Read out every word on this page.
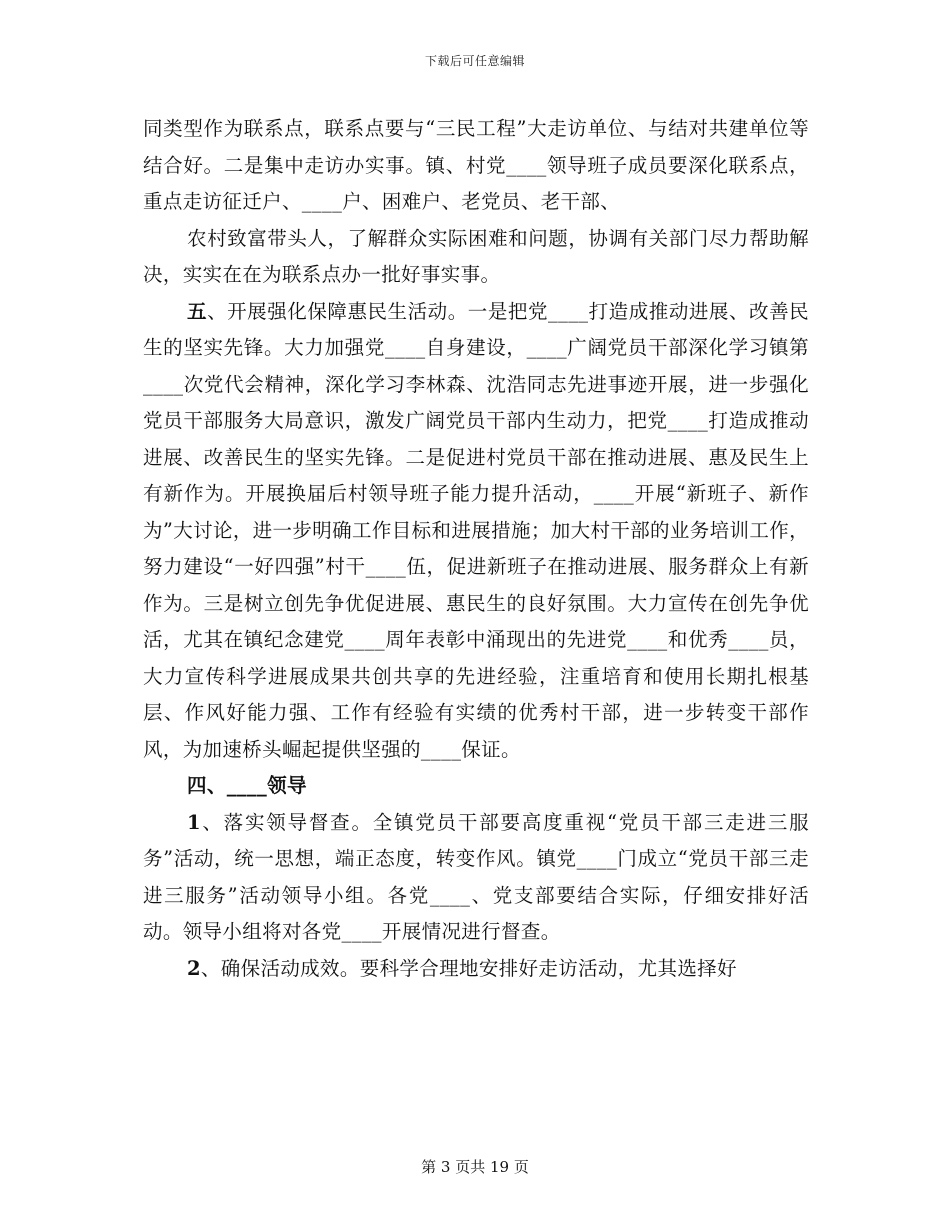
下载后可任意编辑

同类型作为联系点，联系点要与“三民工程”大走访单位、与结对共建单位等结合好。二是集中走访办实事。镇、村党____领导班子成员要深化联系点，重点走访征迁户、____户、困难户、老党员、老干部、

农村致富带头人，了解群众实际困难和问题，协调有关部门尽力帮助解决，实实在在为联系点办一批好事实事。

五、开展强化保障惠民生活动。一是把党____打造成推动进展、改善民生的坚实先锋。大力加强党____自身建设，____广阔党员干部深化学习镇第____次党代会精神，深化学习李林森、沈浩同志先进事迹开展，进一步强化党员干部服务大局意识，激发广阔党员干部内生动力，把党____打造成推动进展、改善民生的坚实先锋。二是促进村党员干部在推动进展、惠及民生上有新作为。开展换届后村领导班子能力提升活动，____开展“新班子、新作为”大讨论，进一步明确工作目标和进展措施；加大村干部的业务培训工作，努力建设“一好四强”村干____伍，促进新班子在推动进展、服务群众上有新作为。三是树立创先争优促进展、惠民生的良好氛围。大力宣传在创先争优活，尤其在镇纪念建党____周年表彰中涌现出的先进党____和优秀____员，大力宣传科学进展成果共创共享的先进经验，注重培育和使用长期扎根基层、作风好能力强、工作有经验有实绩的优秀村干部，进一步转变干部作风，为加速桥头崛起提供坚强的____保证。

四、____领导

1、落实领导督查。全镇党员干部要高度重视“党员干部三走进三服务”活动，统一思想，端正态度，转变作风。镇党____门成立“党员干部三走进三服务”活动领导小组。各党____、党支部要结合实际，仔细安排好活动。领导小组将对各党____开展情况进行督查。

2、确保活动成效。要科学合理地安排好走访活动，尤其选择好

第 3 页共 19 页
